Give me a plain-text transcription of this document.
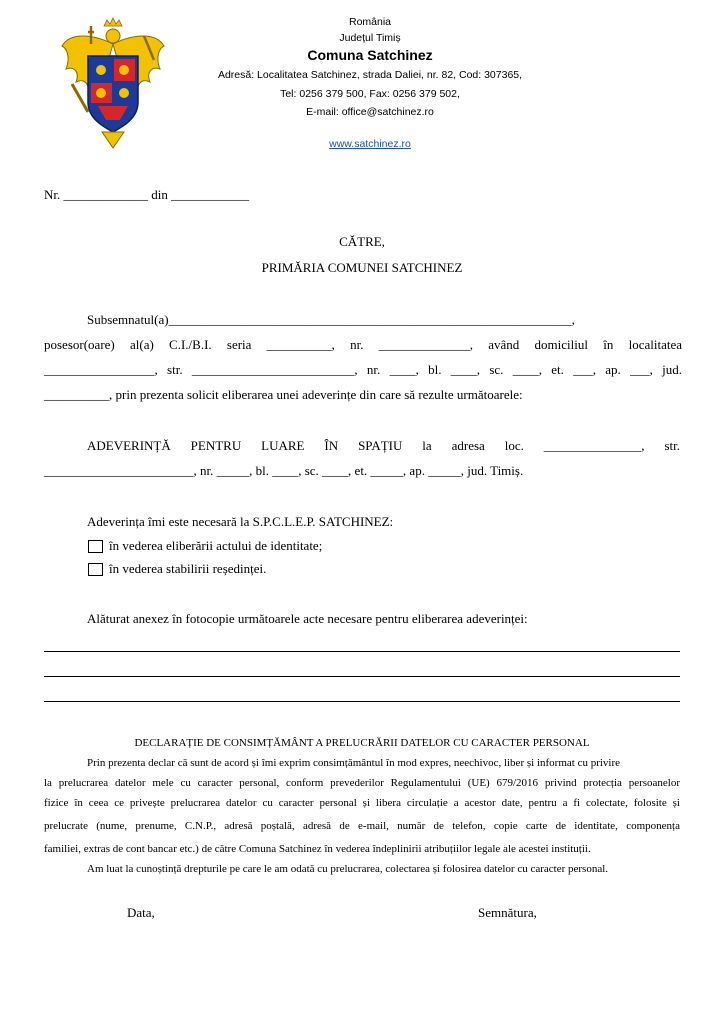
România
Județul Timiș
Comuna Satchinez
Adresă: Localitatea Satchinez, strada Daliei, nr. 82, Cod: 307365,
Tel: 0256 379 500, Fax: 0256 379 502,
E-mail: office@satchinez.ro
www.satchinez.ro
Nr. _____________ din ____________
CĂTRE,
PRIMĂRIA COMUNEI SATCHINEZ
Subsemnatul(a)______________________________________________________________,
posesor(oare) al(a) C.I./B.I. seria __________, nr. ______________, având domiciliul în localitatea
_________________, str. _________________________, nr. ____, bl. ____, sc. ____, et. ___, ap. ___, jud.
__________, prin prezenta solicit eliberarea unei adeverințe din care să rezulte următoarele:
ADEVERINȚĂ PENTRU LUARE ÎN SPAȚIU la adresa loc. _______________, str.
_______________________, nr. _____, bl. ____, sc. ____, et. _____, ap. _____, jud. Timiș.
Adeverința îmi este necesară la S.P.C.L.E.P. SATCHINEZ:
în vederea eliberării actului de identitate;
în vederea stabilirii reședinței.
Alăturat anexez în fotocopie următoarele acte necesare pentru eliberarea adeverinței:
DECLARAȚIE DE CONSIMȚĂMÂNT A PRELUCRĂRII DATELOR CU CARACTER PERSONAL
Prin prezenta declar că sunt de acord și îmi exprim consimțământul în mod expres, neechivoc, liber și informat cu privire
la prelucrarea datelor mele cu caracter personal, conform prevederilor Regulamentului (UE) 679/2016 privind protecția persoanelor
fizice în ceea ce privește prelucrarea datelor cu caracter personal și libera circulație a acestor date, pentru a fi colectate, folosite și
prelucrate (nume, prenume, C.N.P., adresă poștală, adresă de e-mail, număr de telefon, copie carte de identitate, componența
familiei, extras de cont bancar etc.) de către Comuna Satchinez în vederea îndeplinirii atribuțiilor legale ale acestei instituții.
Am luat la cunoștință drepturile pe care le am odată cu prelucrarea, colectarea și folosirea datelor cu caracter personal.
Data,	Semnătura,
